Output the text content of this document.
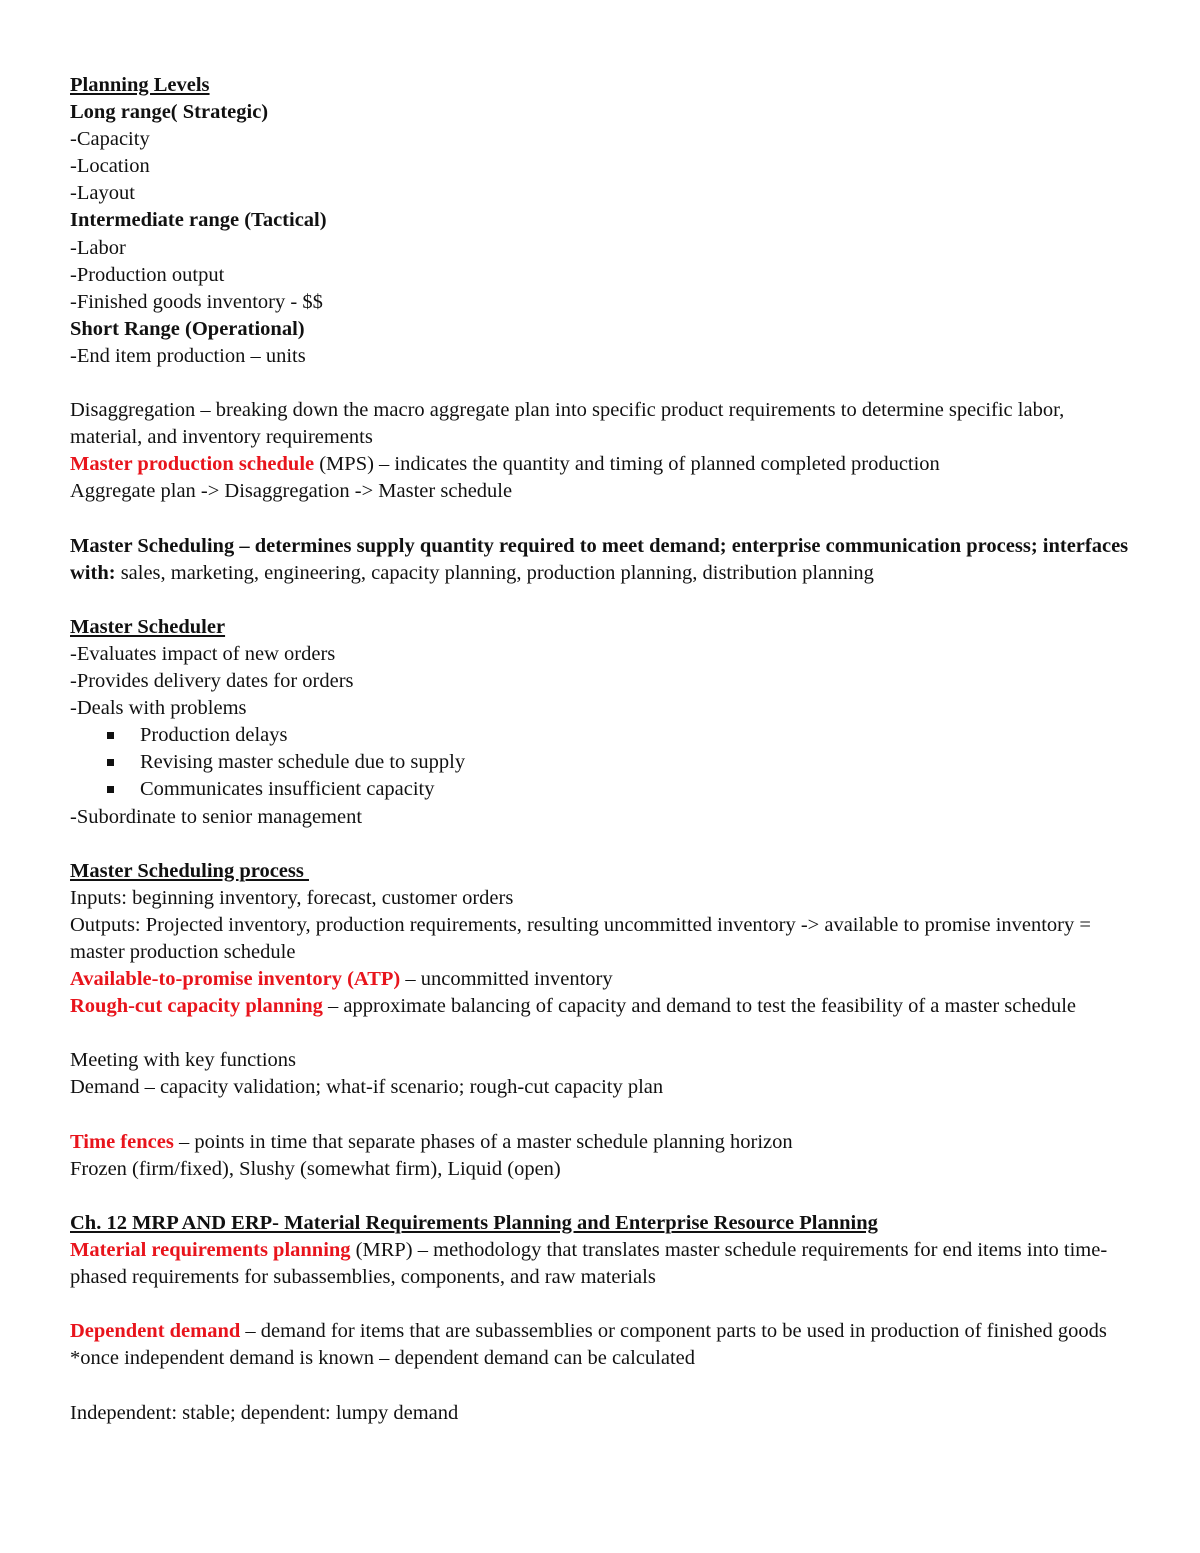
Planning Levels
Long range( Strategic)
-Capacity
-Location
-Layout
Intermediate range (Tactical)
-Labor
-Production output
-Finished goods inventory - $$
Short Range (Operational)
-End item production – units
Disaggregation – breaking down the macro aggregate plan into specific product requirements to determine specific labor, material, and inventory requirements
Master production schedule (MPS) – indicates the quantity and timing of planned completed production
Aggregate plan -> Disaggregation -> Master schedule
Master Scheduling – determines supply quantity required to meet demand; enterprise communication process; interfaces with: sales, marketing, engineering, capacity planning, production planning, distribution planning
Master Scheduler
-Evaluates impact of new orders
-Provides delivery dates for orders
-Deals with problems
Production delays
Revising master schedule due to supply
Communicates insufficient capacity
-Subordinate to senior management
Master Scheduling process
Inputs: beginning inventory, forecast, customer orders
Outputs: Projected inventory, production requirements, resulting uncommitted inventory -> available to promise inventory = master production schedule
Available-to-promise inventory (ATP) – uncommitted inventory
Rough-cut capacity planning – approximate balancing of capacity and demand to test the feasibility of a master schedule
Meeting with key functions
Demand – capacity validation; what-if scenario; rough-cut capacity plan
Time fences – points in time that separate phases of a master schedule planning horizon
Frozen (firm/fixed), Slushy (somewhat firm), Liquid (open)
Ch. 12 MRP AND ERP- Material Requirements Planning and Enterprise Resource Planning
Material requirements planning (MRP) – methodology that translates master schedule requirements for end items into time-phased requirements for subassemblies, components, and raw materials
Dependent demand – demand for items that are subassemblies or component parts to be used in production of finished goods *once independent demand is known – dependent demand can be calculated
Independent: stable; dependent: lumpy demand
